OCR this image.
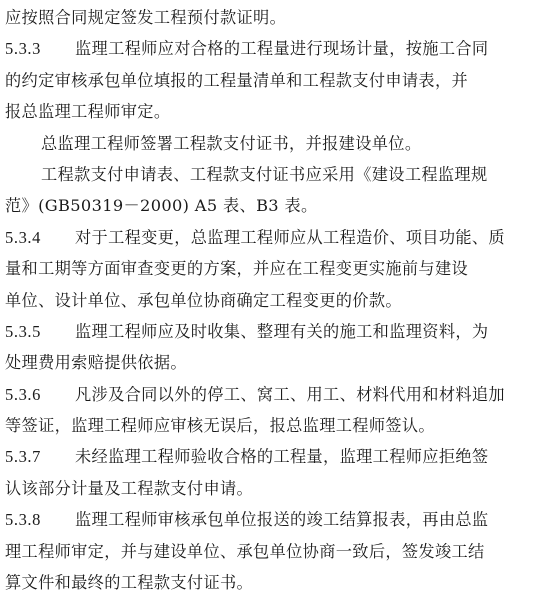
应按照合同规定签发工程预付款证明。
5.3.3 监理工程师应对合格的工程量进行现场计量，按施工合同
的约定审核承包单位填报的工程量清单和工程款支付申请表，并
报总监理工程师审定。
总监理工程师签署工程款支付证书，并报建设单位。
工程款支付申请表、工程款支付证书应采用《建设工程监理规
范》(GB50319－2000) A5 表、B3 表。
5.3.4 对于工程变更，总监理工程师应从工程造价、项目功能、质
量和工期等方面审查变更的方案，并应在工程变更实施前与建设
单位、设计单位、承包单位协商确定工程变更的价款。
5.3.5 监理工程师应及时收集、整理有关的施工和监理资料，为
处理费用索赔提供依据。
5.3.6 凡涉及合同以外的停工、窝工、用工、材料代用和材料追加
等签证，监理工程师应审核无误后，报总监理工程师签认。
5.3.7 未经监理工程师验收合格的工程量，监理工程师应拒绝签
认该部分计量及工程款支付申请。
5.3.8 监理工程师审核承包单位报送的竣工结算报表，再由总监
理工程师审定，并与建设单位、承包单位协商一致后，签发竣工结
算文件和最终的工程款支付证书。
